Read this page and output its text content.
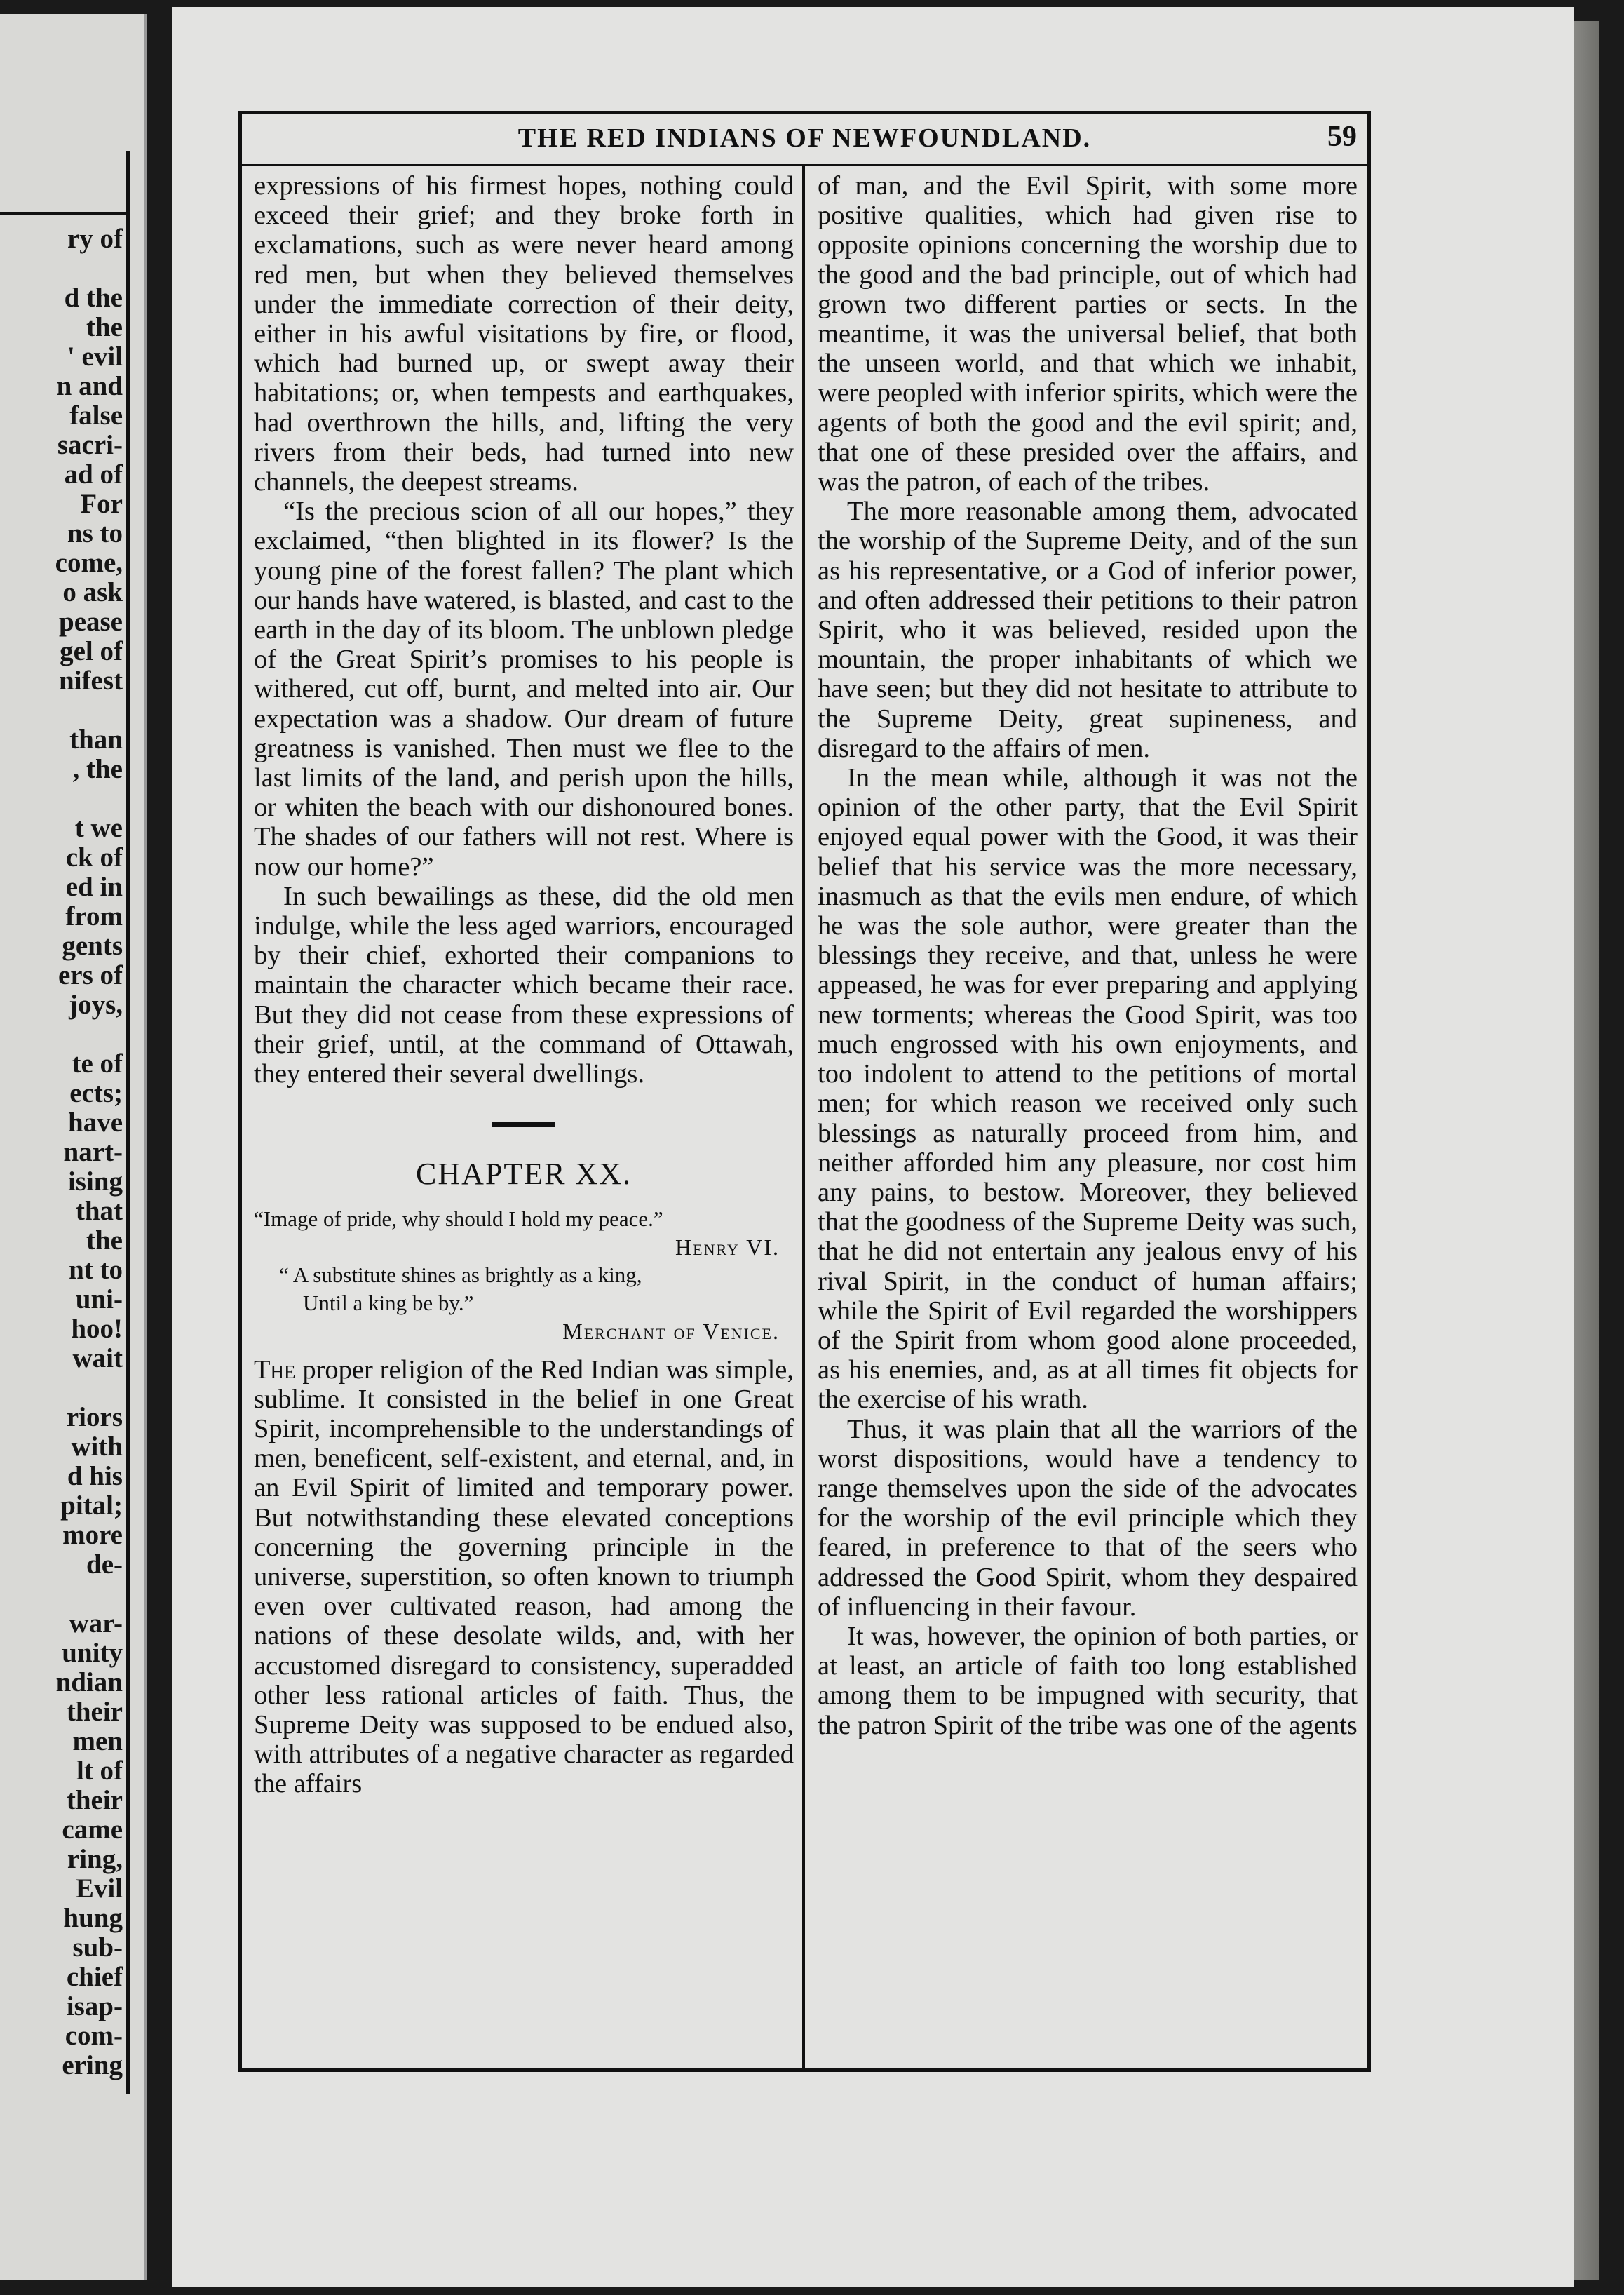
ry of

d the
the
' evil
n and
false
sacri-
ad of
For
ns to
come,
o ask
pease
gel of
nifest

than
, the

t we
ck of
ed in
from
gents
ers of
joys,

te of
ects;
have
nart-
ising
that
the
nt to
uni-
hoo!
wait

riors
with
d his
pital;
more
de-

war-
unity
ndian
their
men
lt of
their
came
ring,
Evil
hung
sub-
chief
isap-
com-
ering
THE RED INDIANS OF NEWFOUNDLAND.	59

expressions of his firmest hopes, nothing could exceed their grief; and they broke forth in exclamations, such as were never heard among red men, but when they believed themselves under the immediate correction of their deity, either in his awful visitations by fire, or flood, which had burned up, or swept away their habitations; or, when tempests and earthquakes, had overthrown the hills, and, lifting the very rivers from their beds, had turned into new channels, the deepest streams.

“Is the precious scion of all our hopes,” they exclaimed, “then blighted in its flower? Is the young pine of the forest fallen? The plant which our hands have watered, is blasted, and cast to the earth in the day of its bloom. The unblown pledge of the Great Spirit’s promises to his people is withered, cut off, burnt, and melted into air. Our expectation was a shadow. Our dream of future greatness is vanished. Then must we flee to the last limits of the land, and perish upon the hills, or whiten the beach with our dishonoured bones. The shades of our fathers will not rest. Where is now our home?”

In such bewailings as these, did the old men indulge, while the less aged warriors, encouraged by their chief, exhorted their companions to maintain the character which became their race. But they did not cease from these expressions of their grief, until, at the command of Ottawah, they entered their several dwellings.

CHAPTER XX.
“Image of pride, why should I hold my peace.”
Henry VI.
“ A substitute shines as brightly as a king,
Until a king be by.”
Merchant of Venice.

The proper religion of the Red Indian was simple, sublime. It consisted in the belief in one Great Spirit, incomprehensible to the understandings of men, beneficent, self-existent, and eternal, and, in an Evil Spirit of limited and temporary power. But notwithstanding these elevated conceptions concerning the governing principle in the universe, superstition, so often known to triumph even over cultivated reason, had among the nations of these desolate wilds, and, with her accustomed disregard to consistency, superadded other less rational articles of faith. Thus, the Supreme Deity was supposed to be endued also, with attributes of a negative character as regarded the affairs

of man, and the Evil Spirit, with some more positive qualities, which had given rise to opposite opinions concerning the worship due to the good and the bad principle, out of which had grown two different parties or sects. In the meantime, it was the universal belief, that both the unseen world, and that which we inhabit, were peopled with inferior spirits, which were the agents of both the good and the evil spirit; and, that one of these presided over the affairs, and was the patron, of each of the tribes.

The more reasonable among them, advocated the worship of the Supreme Deity, and of the sun as his representative, or a God of inferior power, and often addressed their petitions to their patron Spirit, who it was believed, resided upon the mountain, the proper inhabitants of which we have seen; but they did not hesitate to attribute to the Supreme Deity, great supineness, and disregard to the affairs of men.

In the mean while, although it was not the opinion of the other party, that the Evil Spirit enjoyed equal power with the Good, it was their belief that his service was the more necessary, inasmuch as that the evils men endure, of which he was the sole author, were greater than the blessings they receive, and that, unless he were appeased, he was for ever preparing and applying new torments; whereas the Good Spirit, was too much engrossed with his own enjoyments, and too indolent to attend to the petitions of mortal men; for which reason we received only such blessings as naturally proceed from him, and neither afforded him any pleasure, nor cost him any pains, to bestow. Moreover, they believed that the goodness of the Supreme Deity was such, that he did not entertain any jealous envy of his rival Spirit, in the conduct of human affairs; while the Spirit of Evil regarded the worshippers of the Spirit from whom good alone proceeded, as his enemies, and, as at all times fit objects for the exercise of his wrath.

Thus, it was plain that all the warriors of the worst dispositions, would have a tendency to range themselves upon the side of the advocates for the worship of the evil principle which they feared, in preference to that of the seers who addressed the Good Spirit, whom they despaired of influencing in their favour.

It was, however, the opinion of both parties, or at least, an article of faith too long established among them to be impugned with security, that the patron Spirit of the tribe was one of the agents
